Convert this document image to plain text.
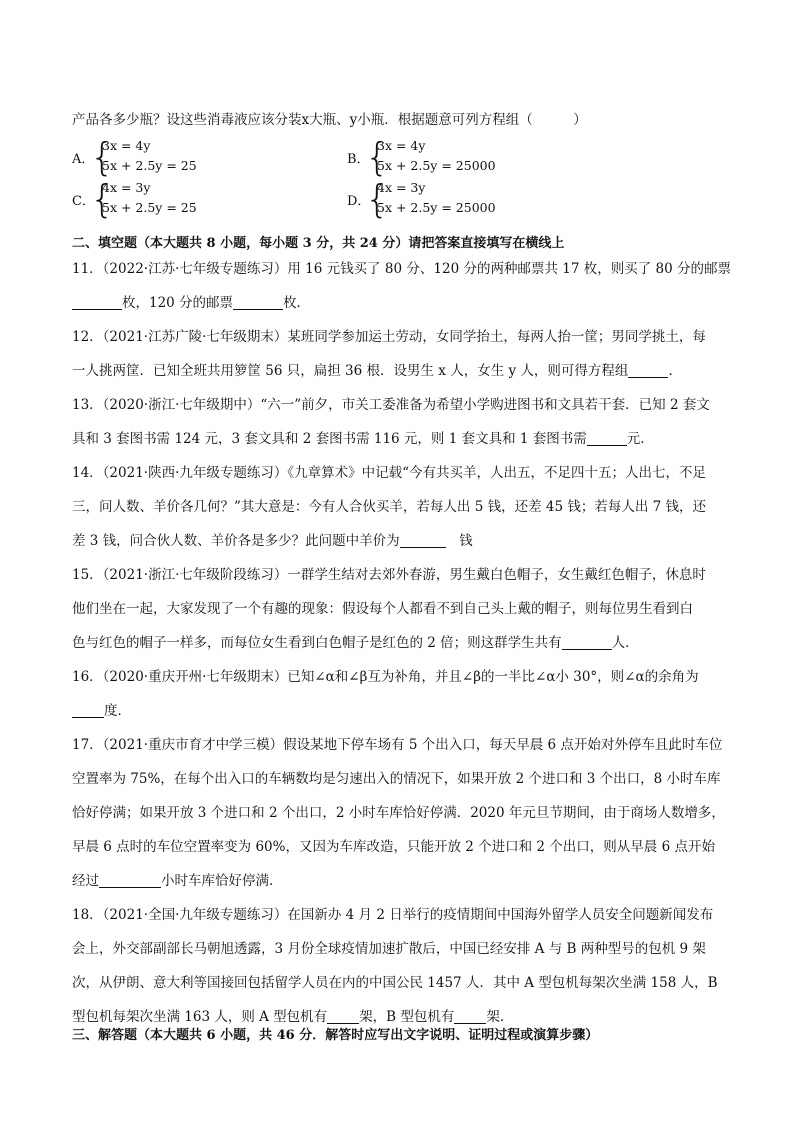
产品各多少瓶？设这些消毒液应该分装x大瓶、y小瓶．根据题意可列方程组（　　　）
A．
{
3x = 4y
5x + 2.5y = 25	B．
{
3x = 4y
5x + 2.5y = 25000
C．
{
4x = 3y
5x + 2.5y = 25	D．
{
4x = 3y
5x + 2.5y = 25000
二、填空题（本大题共 8 小题，每小题 3 分，共 24 分）请把答案直接填写在横线上
11．（2022·江苏·七年级专题练习）用 16 元钱买了 80 分、120 分的两种邮票共 17 枚，则买了 80 分的邮票
枚，120 分的邮票	枚．
12．（2021·江苏广陵·七年级期末）某班同学参加运土劳动，女同学抬土，每两人抬一筐；男同学挑土，每
一人挑两筐．已知全班共用箩筐 56 只，扁担 36 根．设男生 x 人，女生 y 人，则可得方程组	．
13．（2020·浙江·七年级期中）“六一”前夕，市关工委准备为希望小学购进图书和文具若干套．已知 2 套文
具和 3 套图书需 124 元，3 套文具和 2 套图书需 116 元，则 1 套文具和 1 套图书需	元．
14．（2021·陕西·九年级专题练习）《九章算术》中记载“今有共买羊，人出五，不足四十五；人出七，不足
三，问人数、羊价各几何？”其大意是：今有人合伙买羊，若每人出 5 钱，还差 45 钱；若每人出 7 钱，还
差 3 钱，问合伙人数、羊价各是多少？此问题中羊价为	　钱
15．（2021·浙江·七年级阶段练习）一群学生结对去郊外春游，男生戴白色帽子，女生戴红色帽子，休息时
他们坐在一起，大家发现了一个有趣的现象：假设每个人都看不到自己头上戴的帽子，则每位男生看到白
色与红色的帽子一样多，而每位女生看到白色帽子是红色的 2 倍；则这群学生共有	人．
16．（2020·重庆开州·七年级期末）已知∠α和∠β互为补角，并且∠β的一半比∠α小 30°，则∠α的余角为
度．
17．（2021·重庆市育才中学三模）假设某地下停车场有 5 个出入口，每天早晨 6 点开始对外停车且此时车位
空置率为 75%，在每个出入口的车辆数均是匀速出入的情况下，如果开放 2 个进口和 3 个出口，8 小时车库
恰好停满；如果开放 3 个进口和 2 个出口，2 小时车库恰好停满．2020 年元旦节期间，由于商场人数增多，
早晨 6 点时的车位空置率变为 60%，又因为车库改造，只能开放 2 个进口和 2 个出口，则从早晨 6 点开始
经过	小时车库恰好停满．
18．（2021·全国·九年级专题练习）在国新办 4 月 2 日举行的疫情期间中国海外留学人员安全问题新闻发布
会上，外交部副部长马朝旭透露，3 月份全球疫情加速扩散后，中国已经安排 A 与 B 两种型号的包机 9 架
次，从伊朗、意大利等国接回包括留学人员在内的中国公民 1457 人．其中 A 型包机每架次坐满 158 人，B
型包机每架次坐满 163 人，则 A 型包机有 架，B 型包机有 架．
三、解答题（本大题共 6 小题，共 46 分．解答时应写出文字说明、证明过程或演算步骤）
